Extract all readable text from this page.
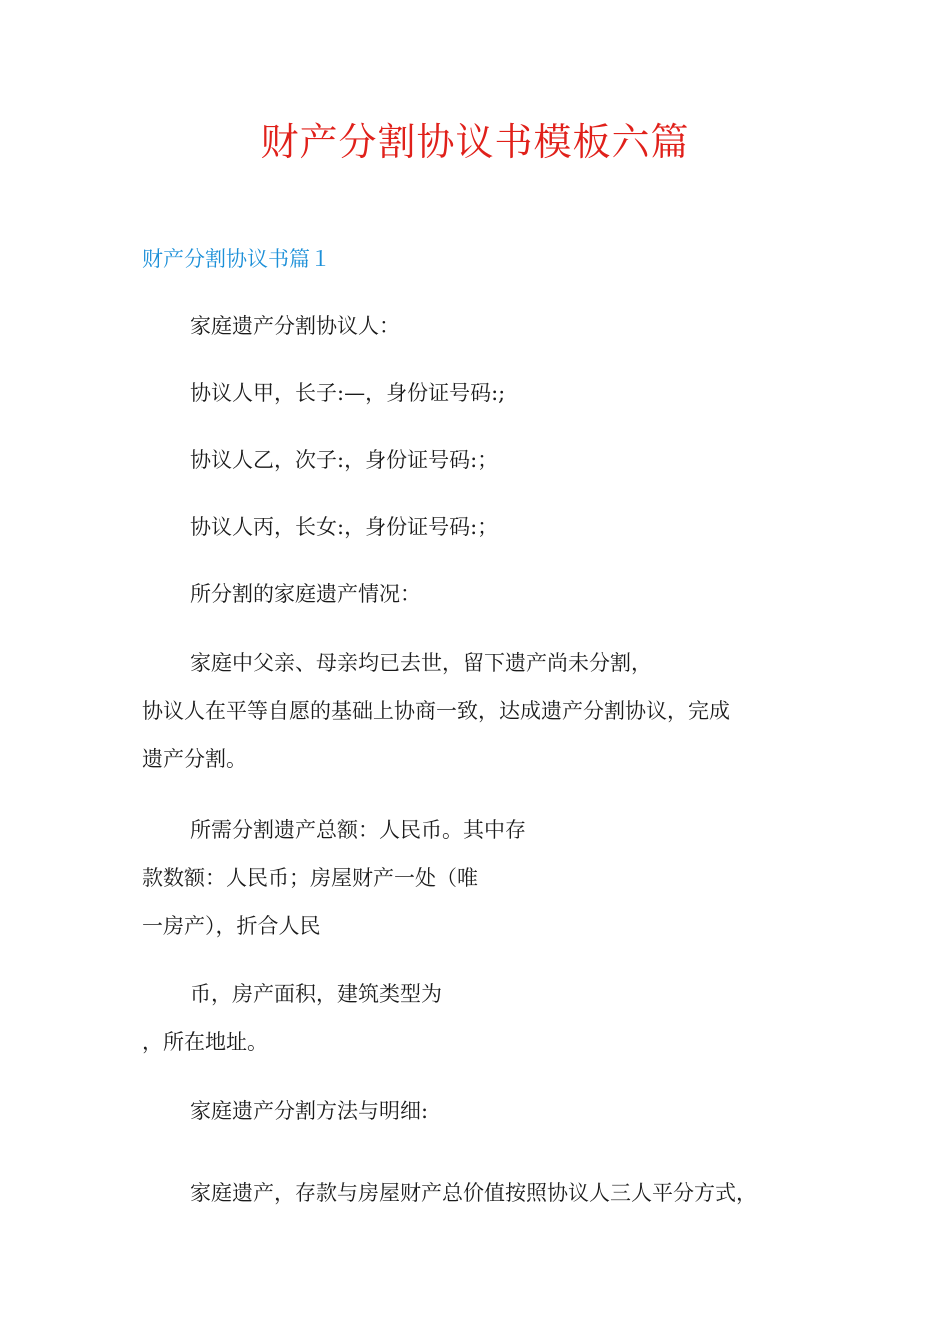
财产分割协议书模板六篇
财产分割协议书篇１
家庭遗产分割协议人：
协议人甲，长子:—，身份证号码:;
协议人乙，次子:，身份证号码:；
协议人丙，长女:，身份证号码:；
所分割的家庭遗产情况：
家庭中父亲、母亲均已去世，留下遗产尚未分割，
协议人在平等自愿的基础上协商一致，达成遗产分割协议，完成
遗产分割。
所需分割遗产总额：人民币。其中存
款数额：人民币；房屋财产一处（唯
一房产），折合人民
币，房产面积，建筑类型为
，所在地址。
家庭遗产分割方法与明细:
家庭遗产，存款与房屋财产总价值按照协议人三人平分方式，
